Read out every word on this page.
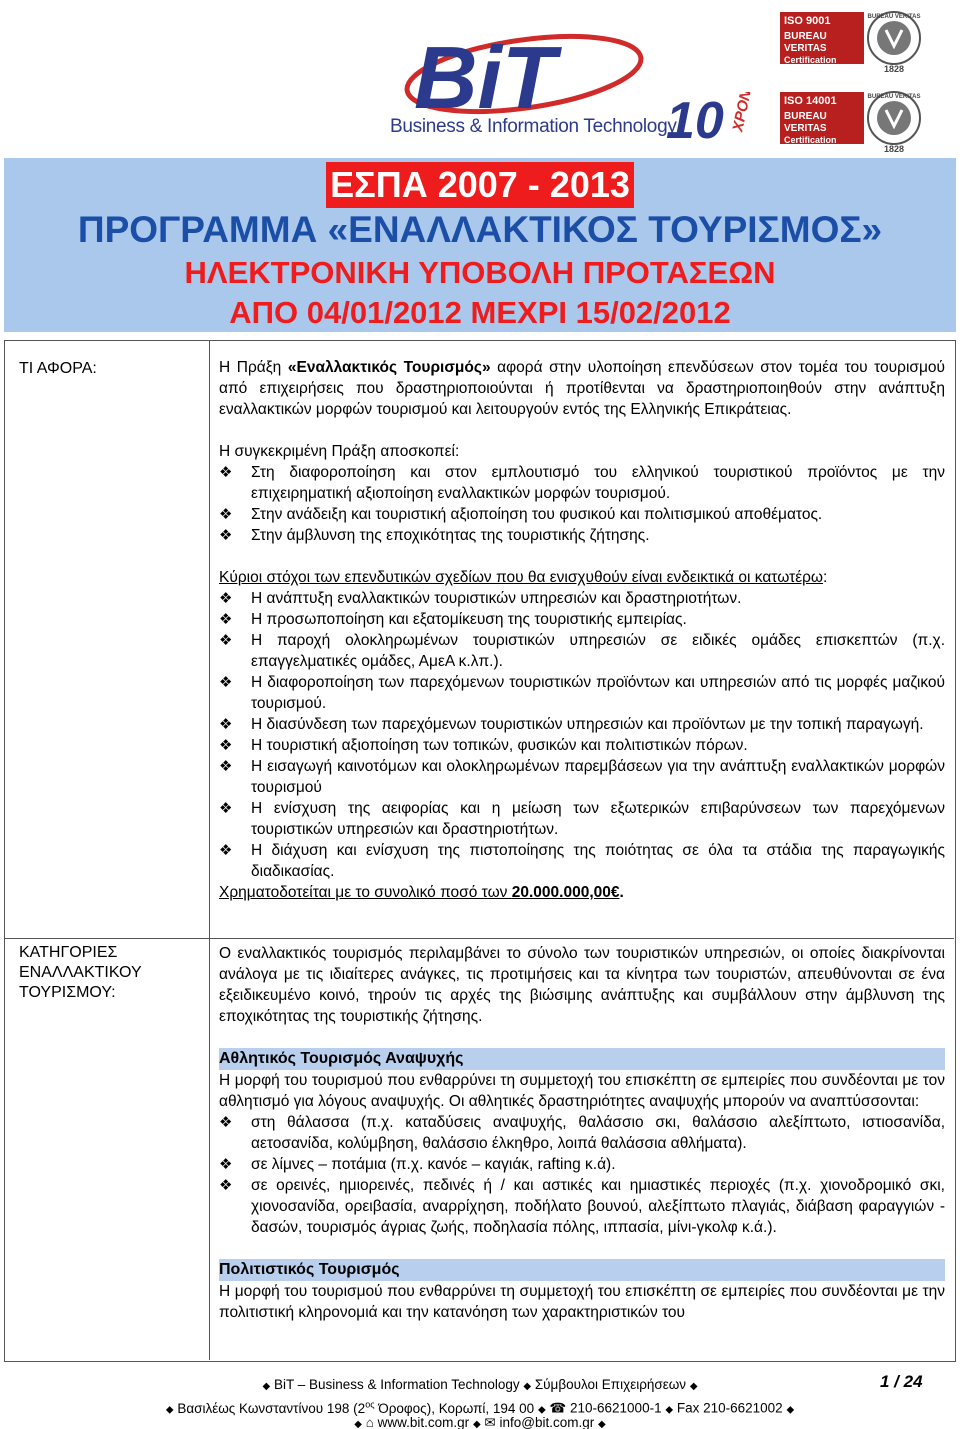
BiT
Business & Information Technology
10 ΧΡΟΝΙΑ
ISO 9001
BUREAU VERITAS
Certification
BUREAU VERITAS
1828
ISO 14001
BUREAU VERITAS
Certification
BUREAU VERITAS
1828
ΕΣΠΑ 2007 - 2013
ΠΡΟΓΡΑΜΜΑ «ΕΝΑΛΛΑΚΤΙΚΟΣ ΤΟΥΡΙΣΜΟΣ»
ΗΛΕΚΤΡΟΝΙΚΗ ΥΠΟΒΟΛΗ ΠΡΟΤΑΣΕΩΝ
ΑΠΟ 04/01/2012 ΜΕΧΡΙ 15/02/2012
ΤΙ ΑΦΟΡΑ:
ΚΑΤΗΓΟΡΙΕΣ
ΕΝΑΛΛΑΚΤΙΚΟΥ
ΤΟΥΡΙΣΜΟΥ:

Η Πράξη «Εναλλακτικός Τουρισμός» αφορά στην υλοποίηση επενδύσεων στον τομέα του τουρισμού από επιχειρήσεις που δραστηριοποιούνται ή προτίθενται να δραστηριοποιηθούν στην ανάπτυξη εναλλακτικών μορφών τουρισμού και λειτουργούν εντός της Ελληνικής Επικράτειας.

Η συγκεκριμένη Πράξη αποσκοπεί:

❖ Στη διαφοροποίηση και στον εμπλουτισμό του ελληνικού τουριστικού προϊόντος με την επιχειρηματική αξιοποίηση εναλλακτικών μορφών τουρισμού.
❖ Στην ανάδειξη και τουριστική αξιοποίηση του φυσικού και πολιτισμικού αποθέματος.
❖ Στην άμβλυνση της εποχικότητας της τουριστικής ζήτησης.

Κύριοι στόχοι των επενδυτικών σχεδίων που θα ενισχυθούν είναι ενδεικτικά οι κατωτέρω:

❖ Η ανάπτυξη εναλλακτικών τουριστικών υπηρεσιών και δραστηριοτήτων.
❖ Η προσωποποίηση και εξατομίκευση της τουριστικής εμπειρίας.
❖ Η παροχή ολοκληρωμένων τουριστικών υπηρεσιών σε ειδικές ομάδες επισκεπτών (π.χ. επαγγελματικές ομάδες, ΑμεΑ κ.λπ.).
❖ Η διαφοροποίηση των παρεχόμενων τουριστικών προϊόντων και υπηρεσιών από τις μορφές μαζικού τουρισμού.
❖ Η διασύνδεση των παρεχόμενων τουριστικών υπηρεσιών και προϊόντων με την τοπική παραγωγή.
❖ Η τουριστική αξιοποίηση των τοπικών, φυσικών και πολιτιστικών πόρων.
❖ Η εισαγωγή καινοτόμων και ολοκληρωμένων παρεμβάσεων για την ανάπτυξη εναλλακτικών μορφών τουρισμού
❖ Η ενίσχυση της αειφορίας και η μείωση των εξωτερικών επιβαρύνσεων των παρεχόμενων τουριστικών υπηρεσιών και δραστηριοτήτων.
❖ Η διάχυση και ενίσχυση της πιστοποίησης της ποιότητας σε όλα τα στάδια της παραγωγικής διαδικασίας.

Χρηματοδοτείται με το συνολικό ποσό των 20.000.000,00€.

Ο εναλλακτικός τουρισμός περιλαμβάνει το σύνολο των τουριστικών υπηρεσιών, οι οποίες διακρίνονται ανάλογα με τις ιδιαίτερες ανάγκες, τις προτιμήσεις και τα κίνητρα των τουριστών, απευθύνονται σε ένα εξειδικευμένο κοινό, τηρούν τις αρχές της βιώσιμης ανάπτυξης και συμβάλλουν στην άμβλυνση της εποχικότητας της τουριστικής ζήτησης.

Αθλητικός Τουρισμός Αναψυχής

Η μορφή του τουρισμού που ενθαρρύνει τη συμμετοχή του επισκέπτη σε εμπειρίες που συνδέονται με τον αθλητισμό για λόγους αναψυχής. Οι αθλητικές δραστηριότητες αναψυχής μπορούν να αναπτύσσονται:

❖ στη θάλασσα (π.χ. καταδύσεις αναψυχής, θαλάσσιο σκι, θαλάσσιο αλεξίπτωτο, ιστιοσανίδα, αετοσανίδα, κολύμβηση, θαλάσσιο έλκηθρο, λοιπά θαλάσσια αθλήματα).
❖ σε λίμνες – ποτάμια (π.χ. κανόε – καγιάκ, rafting κ.ά).
❖ σε ορεινές, ημιορεινές, πεδινές ή / και αστικές και ημιαστικές περιοχές (π.χ. χιονοδρομικό σκι, χιονοσανίδα, ορειβασία, αναρρίχηση, ποδήλατο βουνού, αλεξίπτωτο πλαγιάς, διάβαση φαραγγιών - δασών, τουρισμός άγριας ζωής, ποδηλασία πόλης, ιππασία, μίνι-γκολφ κ.ά.).
Πολιτιστικός Τουρισμός

Η μορφή του τουρισμού που ενθαρρύνει τη συμμετοχή του επισκέπτη σε εμπειρίες που συνδέονται με την πολιτιστική κληρονομιά και την κατανόηση των χαρακτηριστικών του

◆ BiT – Business & Information Technology ◆ Σύμβουλοι Επιχειρήσεων ◆	1 / 24
◆ Βασιλέως Κωνσταντίνου 198 ($2^{o\varsigma}$ Όροφος), Κορωπί, 194 00 ◆ ☎ 210-6621000-1 ◆ Fax 210-6621002 ◆
◆ ⌂ www.bit.com.gr ◆ ✉ info@bit.com.gr ◆
